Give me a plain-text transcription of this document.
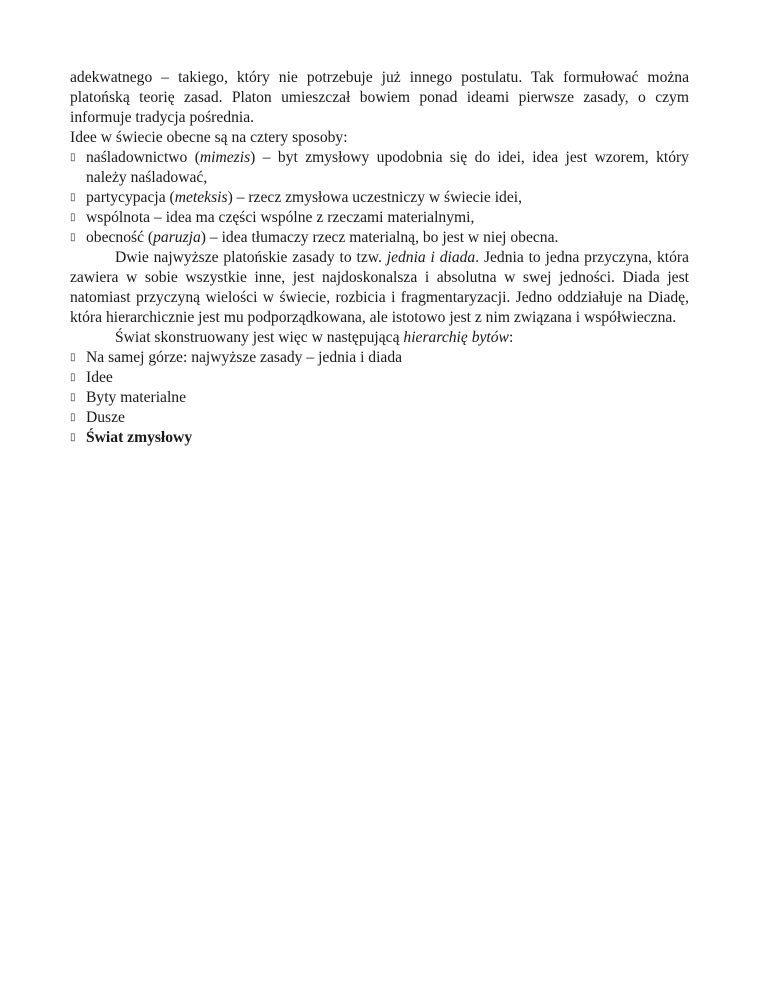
adekwatnego – takiego, który nie potrzebuje już innego postulatu. Tak formułować można platońską teorię zasad. Platon umieszczał bowiem ponad ideami pierwsze zasady, o czym informuje tradycja pośrednia.

Idee w świecie obecne są na cztery sposoby:

▯ naśladownictwo (mimezis) – byt zmysłowy upodobnia się do idei, idea jest wzorem, który należy naśladować,

▯ partycypacja (meteksis) – rzecz zmysłowa uczestniczy w świecie idei,

▯ wspólnota – idea ma części wspólne z rzeczami materialnymi,

▯ obecność (paruzja) – idea tłumaczy rzecz materialną, bo jest w niej obecna.

Dwie najwyższe platońskie zasady to tzw. jednia i diada. Jednia to jedna przyczyna, która zawiera w sobie wszystkie inne, jest najdoskonalsza i absolutna w swej jedności. Diada jest natomiast przyczyną wielości w świecie, rozbicia i fragmentaryzacji. Jedno oddziałuje na Diadę, która hierarchicznie jest mu podporządkowana, ale istotowo jest z nim związana i współwieczna.

Świat skonstruowany jest więc w następującą hierarchię bytów:

▯ Na samej górze: najwyższe zasady – jednia i diada

▯ Idee

▯ Byty materialne

▯ Dusze

▯ Świat zmysłowy
